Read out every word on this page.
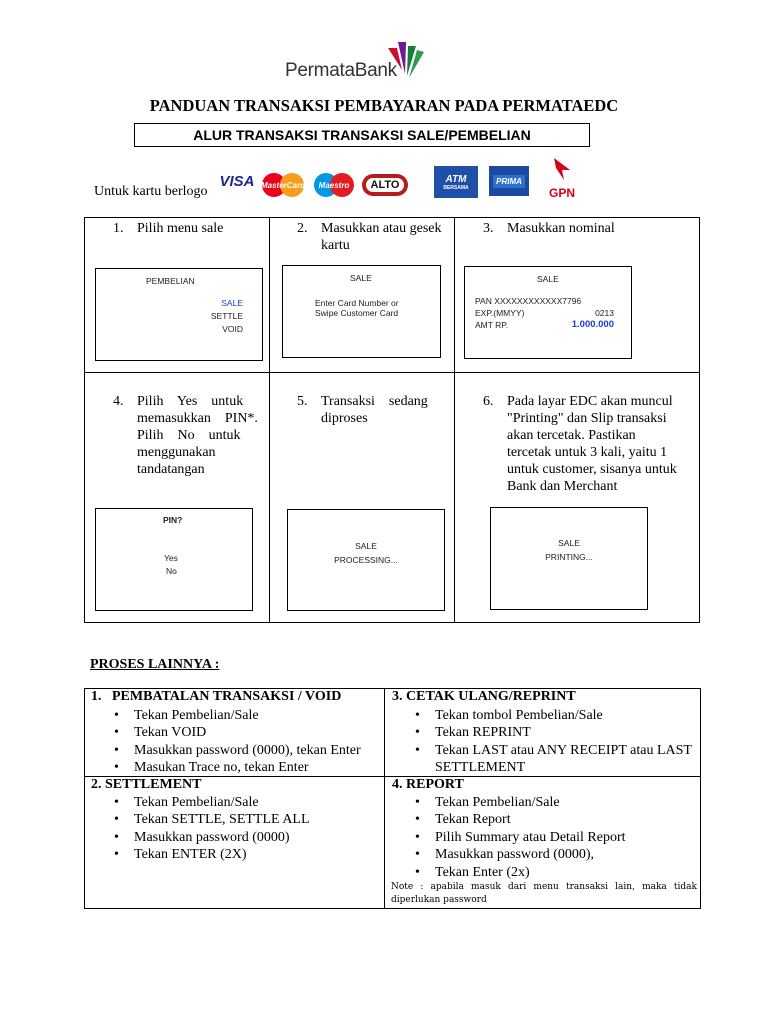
PermataBank
PANDUAN TRANSAKSI PEMBAYARAN PADA PERMATAEDC
ALUR TRANSAKSI TRANSAKSI SALE/PEMBELIAN
Untuk kartu berlogo
VISA MasterCard Maestro	ALTO	ATM
BERSAMA
PRIMA
GPN
1. Pilih menu sale
PEMBELIAN
SALE
SETTLE
VOID
2. Masukkan atau gesek
kartu
SALE
Enter Card Number or
Swipe Customer Card
3. Masukkan nominal
SALE
PAN XXXXXXXXXXXX7796
EXP.(MMYY)	0213
AMT RP.	1.000.000
4. Pilih    Yes    untuk
memasukkan    PIN*.
Pilih    No    untuk
menggunakan
tandatangan
PIN?
Yes
No
5. Transaksi    sedang
diproses
SALE
PROCESSING...
6. Pada layar EDC akan muncul
"Printing" dan Slip transaksi
akan tercetak. Pastikan
tercetak untuk 3 kali, yaitu 1
untuk customer, sisanya untuk
Bank dan Merchant
SALE
PRINTING...
PROSES LAINNYA :
1.   PEMBATALAN TRANSAKSI / VOID
• Tekan Pembelian/Sale
• Tekan VOID
• Masukkan password (0000), tekan Enter
• Masukan Trace no, tekan Enter
3. CETAK ULANG/REPRINT
• Tekan tombol Pembelian/Sale
• Tekan REPRINT
• Tekan LAST atau ANY RECEIPT atau LAST SETTLEMENT
2. SETTLEMENT
• Tekan Pembelian/Sale
• Tekan SETTLE, SETTLE ALL
• Masukkan password (0000)
• Tekan ENTER (2X)
4. REPORT
• Tekan Pembelian/Sale
• Tekan Report
• Pilih Summary atau Detail Report
• Masukkan password (0000),
• Tekan Enter (2x)
Note : apabila masuk dari menu transaksi lain, maka tidak diperlukan password
